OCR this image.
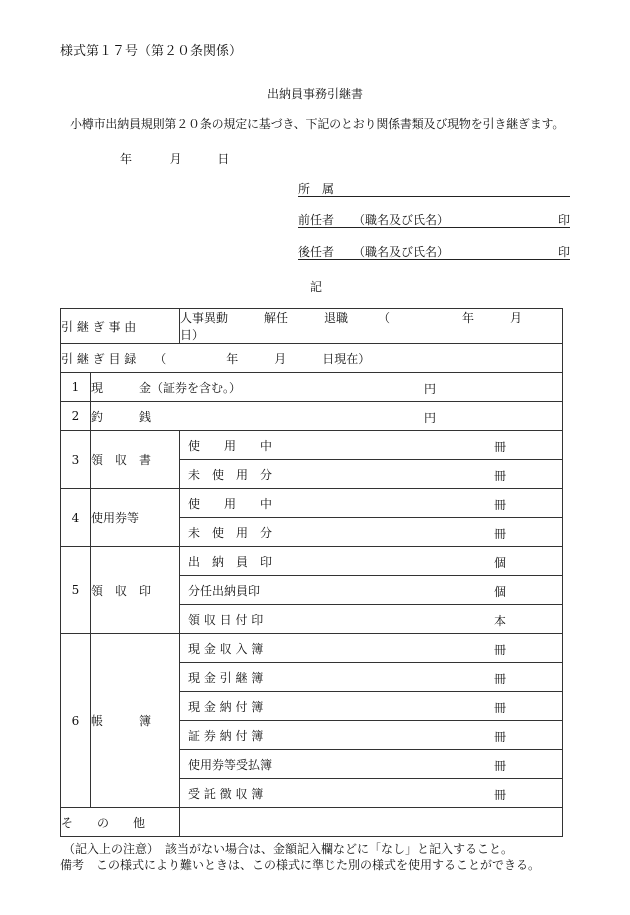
様式第１７号（第２０条関係）
出納員事務引継書
小樽市出納員規則第２０条の規定に基づき、下記のとおり関係書類及び現物を引き継ぎます。
年	月	日
所　属
前任者 （職名及び氏名）	印
後任者 （職名及び氏名）	印
記
引 継 ぎ 事 由		人事異動　　　解任　　　退職　　　（　　　　　　年　　　月　　　日）
引 継 ぎ 目 録　　（　　　　　年　　　月　　　日現在）		
1	現　　　金（証券を含む。） 円	

2	釣　　　銭 円	

3	領　収　書	使　　用　　中 冊

		未　使　用　分 冊

4	使用券等	使　　用　　中 冊

		未　使　用　分 冊

5	領　収　印	出　納　員　印 個

		分任出納員印 個

		領 収 日 付 印 本

6	帳　　　簿	現 金 収 入 簿 冊

		現 金 引 継 簿 冊

		現 金 納 付 簿 冊

		証 券 納 付 簿 冊

		使用券等受払簿 冊

		受 託 徴 収 簿 冊

そ　　の　　他		
（記入上の注意）　該当がない場合は、金額記入欄などに「なし」と記入すること。
備考　この様式により難いときは、この様式に準じた別の様式を使用することができる。
